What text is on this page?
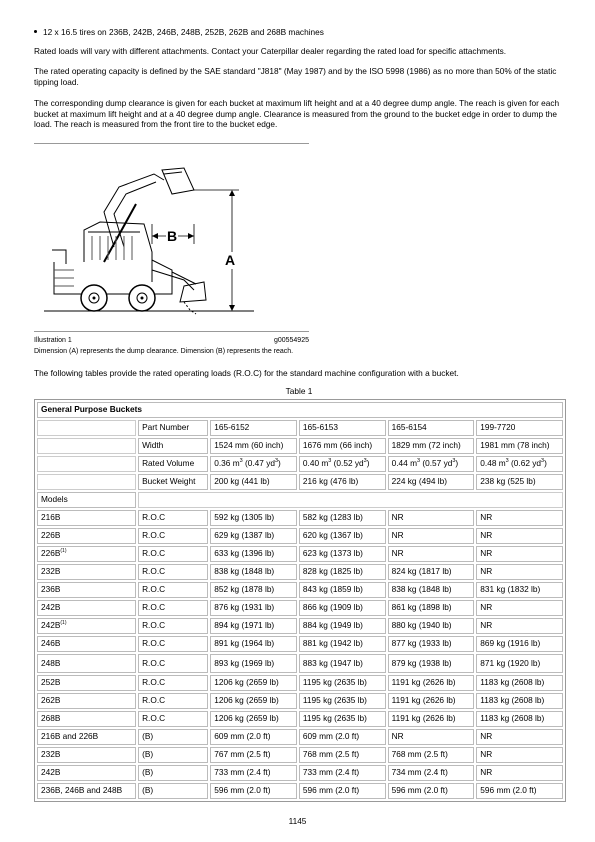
12 x 16.5 tires on 236B, 242B, 246B, 248B, 252B, 262B and 268B machines

Rated loads will vary with different attachments. Contact your Caterpillar dealer regarding the rated load for specific attachments.

The rated operating capacity is defined by the SAE standard "J818" (May 1987) and by the ISO 5998 (1986) as no more than 50% of the static tipping load.

The corresponding dump clearance is given for each bucket at maximum lift height and at a 40 degree dump angle. The reach is given for each bucket at maximum lift height and at a 40 degree dump angle. Clearance is measured from the ground to the bucket edge in order to dump the load. The reach is measured from the front tire to the bucket edge.

A
B
Illustration 1	g00554925
Dimension (A) represents the dump clearance. Dimension (B) represents the reach.

The following tables provide the rated operating loads (R.O.C) for the standard machine configuration with a bucket.

Table 1
General Purpose Buckets					
	Part Number	165-6152	165-6153	165-6154	199-7720
	Width	1524 mm (60 inch)	1676 mm (66 inch)	1829 mm (72 inch)	1981 mm (78 inch)
	Rated Volume	0.36 $m^3$ (0.47 $yd^3$)	0.40 $m^3$ (0.52 $yd^3$)	0.44 $m^3$ (0.57 $yd^3$)	0.48 $m^3$ (0.62 $yd^3$)
	Bucket Weight	200 kg (441 lb)	216 kg (476 lb)	224 kg (494 lb)	238 kg (525 lb)
Models					
216B	R.O.C	592 kg (1305 lb)	582 kg (1283 lb)	NR	NR
226B	R.O.C	629 kg (1387 lb)	620 kg (1367 lb)	NR	NR
226B$^{(1)}$	R.O.C	633 kg (1396 lb)	623 kg (1373 lb)	NR	NR
232B	R.O.C	838 kg (1848 lb)	828 kg (1825 lb)	824 kg (1817 lb)	NR
236B	R.O.C	852 kg (1878 lb)	843 kg (1859 lb)	838 kg (1848 lb)	831 kg (1832 lb)
242B	R.O.C	876 kg (1931 lb)	866 kg (1909 lb)	861 kg (1898 lb)	NR
242B$^{(1)}$	R.O.C	894 kg (1971 lb)	884 kg (1949 lb)	880 kg (1940 lb)	NR
246B	R.O.C	891 kg (1964 lb)	881 kg (1942 lb)	877 kg (1933 lb)	869 kg (1916 lb)
248B	R.O.C	893 kg (1969 lb)	883 kg (1947 lb)	879 kg (1938 lb)	871 kg (1920 lb)
252B	R.O.C	1206 kg (2659 lb)	1195 kg (2635 lb)	1191 kg (2626 lb)	1183 kg (2608 lb)
262B	R.O.C	1206 kg (2659 lb)	1195 kg (2635 lb)	1191 kg (2626 lb)	1183 kg (2608 lb)
268B	R.O.C	1206 kg (2659 lb)	1195 kg (2635 lb)	1191 kg (2626 lb)	1183 kg (2608 lb)
216B and 226B	(B)	609 mm (2.0 ft)	609 mm (2.0 ft)	NR	NR
232B	(B)	767 mm (2.5 ft)	768 mm (2.5 ft)	768 mm (2.5 ft)	NR
242B	(B)	733 mm (2.4 ft)	733 mm (2.4 ft)	734 mm (2.4 ft)	NR
236B, 246B and 248B	(B)	596 mm (2.0 ft)	596 mm (2.0 ft)	596 mm (2.0 ft)	596 mm (2.0 ft)
1145
